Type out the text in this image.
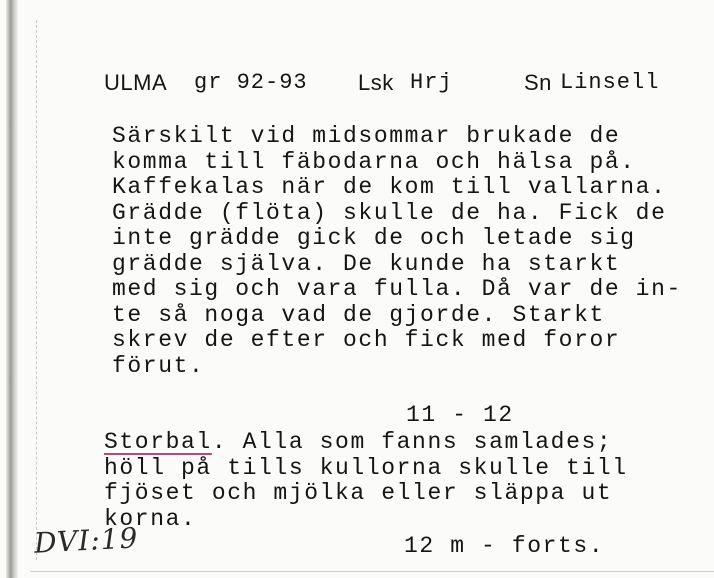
ULMA gr 92-93 Lsk Hrj	Sn Linsell
Särskilt vid midsommar brukade de
komma till fäbodarna och hälsa på.
Kaffekalas när de kom till vallarna.
Grädde (flöta) skulle de ha. Fick de
inte grädde gick de och letade sig
grädde själva. De kunde ha starkt
med sig och vara fulla. Då var de in-
te så noga vad de gjorde. Starkt
skrev de efter och fick med foror
förut.
11 - 12
Storbal. Alla som fanns samlades;
höll på tills kullorna skulle till
fjöset och mjölka eller släppa ut
korna.
12 m - forts.
DVI:19
